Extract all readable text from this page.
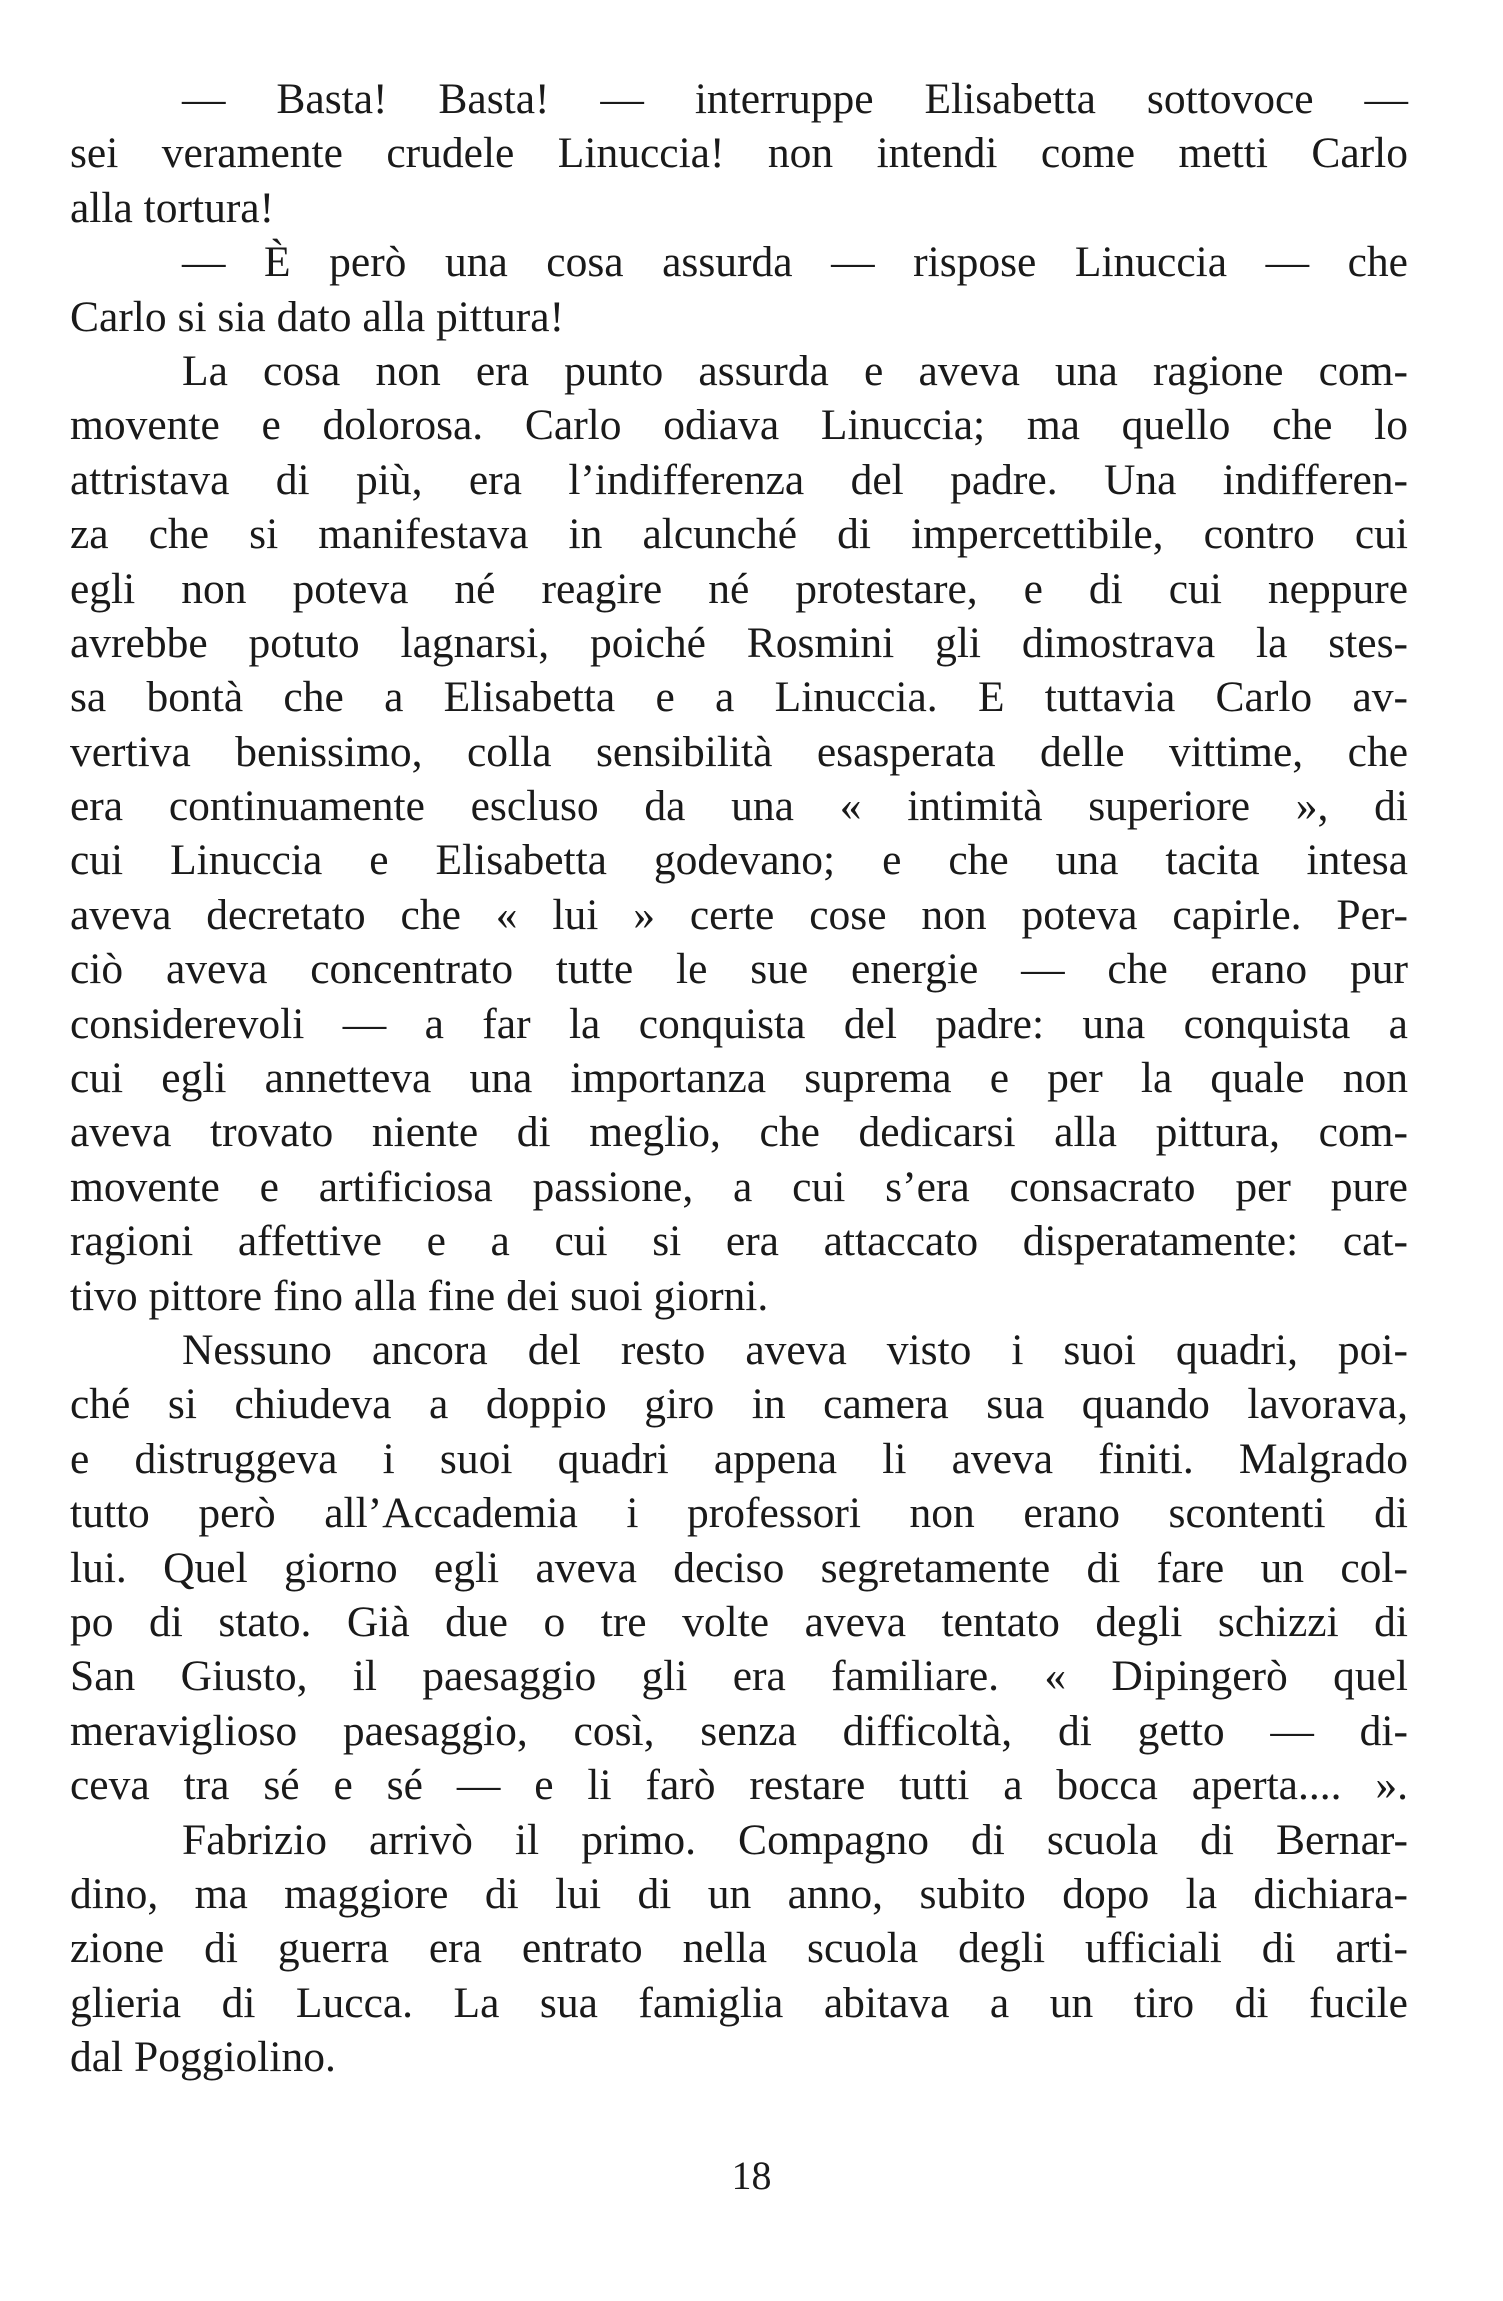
— Basta! Basta! — interruppe Elisabetta sottovoce —
sei veramente crudele Linuccia! non intendi come metti Carlo
alla tortura!
— È però una cosa assurda — rispose Linuccia — che
Carlo si sia dato alla pittura!
La cosa non era punto assurda e aveva una ragione com-
movente e dolorosa. Carlo odiava Linuccia; ma quello che lo
attristava di più, era l’indifferenza del padre. Una indifferen-
za che si manifestava in alcunché di impercettibile, contro cui
egli non poteva né reagire né protestare, e di cui neppure
avrebbe potuto lagnarsi, poiché Rosmini gli dimostrava la stes-
sa bontà che a Elisabetta e a Linuccia. E tuttavia Carlo av-
vertiva benissimo, colla sensibilità esasperata delle vittime, che
era continuamente escluso da una « intimità superiore », di
cui Linuccia e Elisabetta godevano; e che una tacita intesa
aveva decretato che « lui » certe cose non poteva capirle. Per-
ciò aveva concentrato tutte le sue energie — che erano pur
considerevoli — a far la conquista del padre: una conquista a
cui egli annetteva una importanza suprema e per la quale non
aveva trovato niente di meglio, che dedicarsi alla pittura, com-
movente e artificiosa passione, a cui s’era consacrato per pure
ragioni affettive e a cui si era attaccato disperatamente: cat-
tivo pittore fino alla fine dei suoi giorni.
Nessuno ancora del resto aveva visto i suoi quadri, poi-
ché si chiudeva a doppio giro in camera sua quando lavorava,
e distruggeva i suoi quadri appena li aveva finiti. Malgrado
tutto però all’Accademia i professori non erano scontenti di
lui. Quel giorno egli aveva deciso segretamente di fare un col-
po di stato. Già due o tre volte aveva tentato degli schizzi di
San Giusto, il paesaggio gli era familiare. « Dipingerò quel
meraviglioso paesaggio, così, senza difficoltà, di getto — di-
ceva tra sé e sé — e li farò restare tutti a bocca aperta.... ».
Fabrizio arrivò il primo. Compagno di scuola di Bernar-
dino, ma maggiore di lui di un anno, subito dopo la dichiara-
zione di guerra era entrato nella scuola degli ufficiali di arti-
glieria di Lucca. La sua famiglia abitava a un tiro di fucile
dal Poggiolino.
18
